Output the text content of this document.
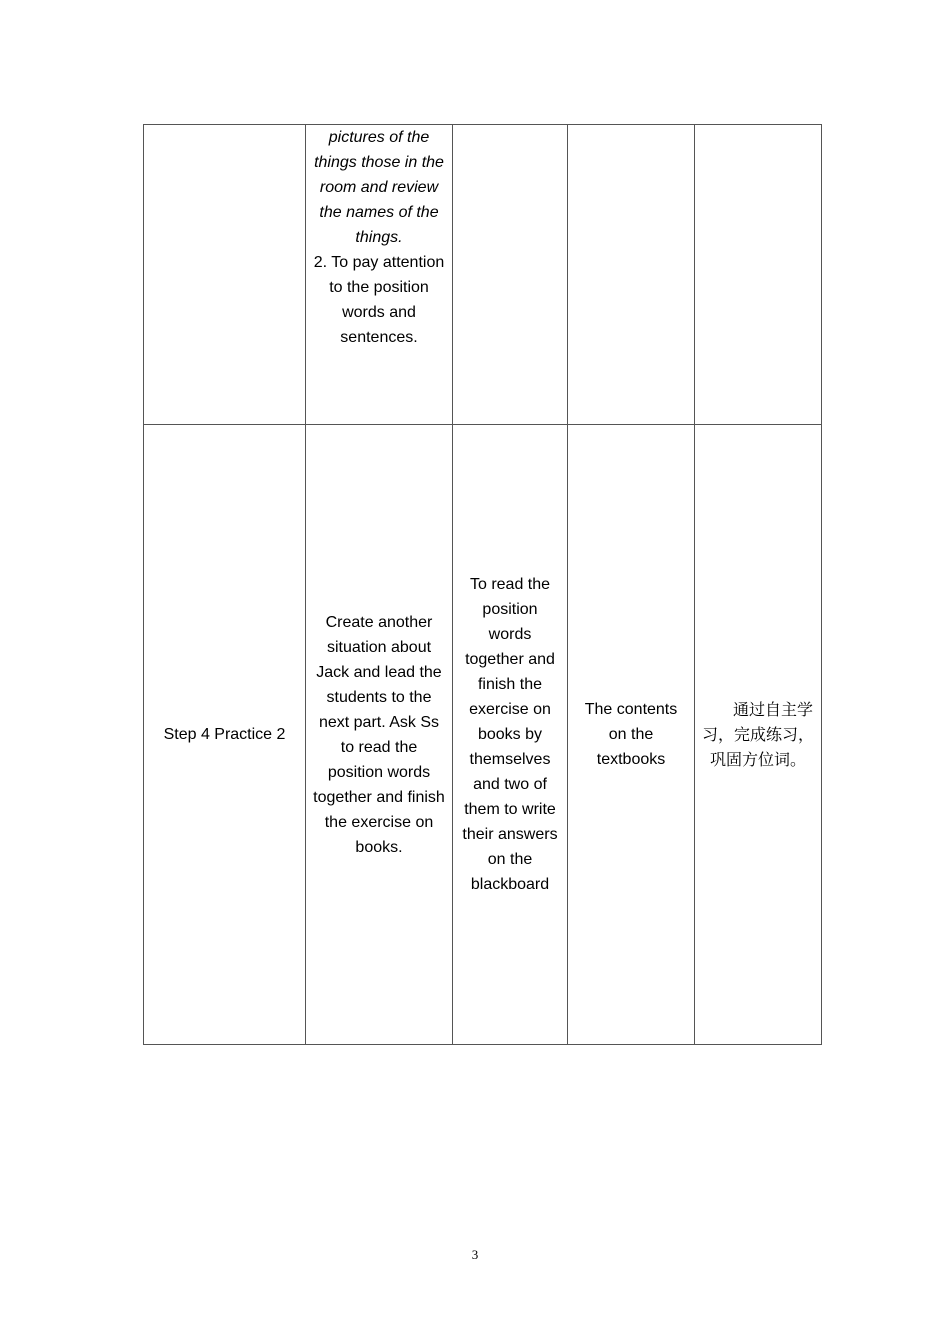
	pictures of the things those in the room and review the names of the things.
2. To pay attention to the position words and sentences.			

Step 4 Practice 2	Create another situation about Jack and lead the students to the next part. Ask Ss to read the position words together and finish the exercise on books.	To read the position words together and finish the exercise on books by themselves and two of them to write their answers on the blackboard	The contents on the textbooks	通过自主学习，完成练习，巩固方位词。
3
